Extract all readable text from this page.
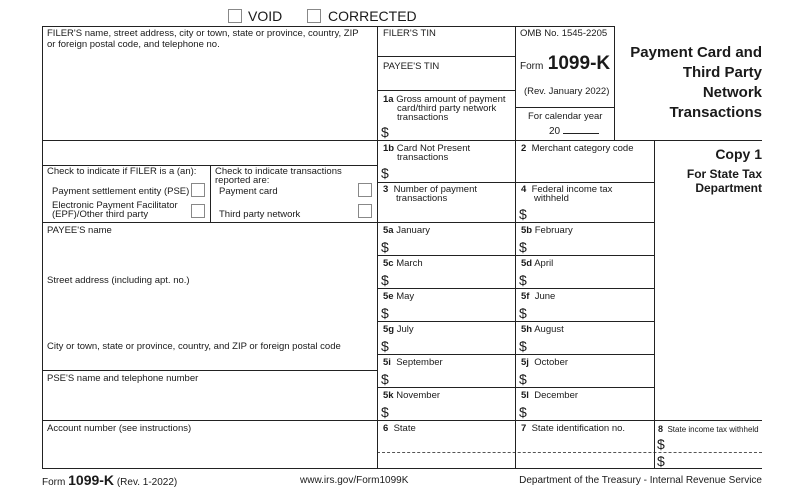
VOID	CORRECTED
FILER'S name, street address, city or town, state or province, country, ZIP
or foreign postal code, and telephone no.
FILER'S TIN
PAYEE'S TIN
1a Gross amount of payment
card/third party network
transactions
$
OMB No. 1545-2205
Form 1099-K
(Rev. January 2022)
For calendar year
20
Payment Card and
Third Party
Network
Transactions
Check to indicate if FILER is a (an):
Payment settlement entity (PSE)
Electronic Payment Facilitator
(EPF)/Other third party
Check to indicate transactions
reported are:
Payment card
Third party network
1b Card Not Present
transactions
$
2 Merchant category code	Copy 1
For State Tax
Department
3 Number of payment
transactions
4 Federal income tax
withheld
$
PAYEE'S name
Street address (including apt. no.)
City or town, state or province, country, and ZIP or foreign postal code
PSE'S name and telephone number
Account number (see instructions)
5a January
$
5b February
$
5c March
$
5d April
$
5e May
$
5f June
$
5g July
$
5h August
$
5i September
$
5j October
$
5k November
$
5l December
$
6 State	7 State identification no.	8 State income tax withheld
$
$
Form 1099-K (Rev. 1-2022)	www.irs.gov/Form1099K	Department of the Treasury - Internal Revenue Service
